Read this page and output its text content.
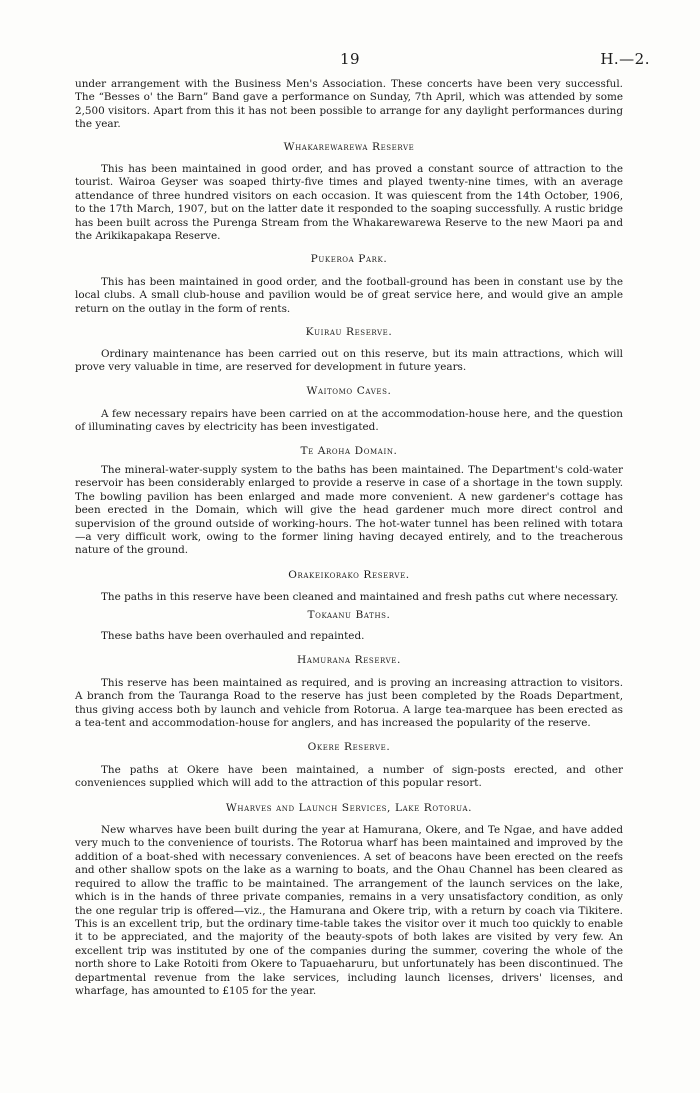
19	H.—2.

under arrangement with the Business Men's Association. These concerts have been very successful. The “Besses o' the Barn” Band gave a performance on Sunday, 7th April, which was attended by some 2,500 visitors. Apart from this it has not been possible to arrange for any daylight performances during the year.

Whakarewarewa Reserve

This has been maintained in good order, and has proved a constant source of attraction to the tourist. Wairoa Geyser was soaped thirty-five times and played twenty-nine times, with an average attendance of three hundred visitors on each occasion. It was quiescent from the 14th October, 1906, to the 17th March, 1907, but on the latter date it responded to the soaping successfully. A rustic bridge has been built across the Purenga Stream from the Whakarewarewa Reserve to the new Maori pa and the Arikikapakapa Reserve.

Pukeroa Park.

This has been maintained in good order, and the football-ground has been in constant use by the local clubs. A small club-house and pavilion would be of great service here, and would give an ample return on the outlay in the form of rents.

Kuirau Reserve.

Ordinary maintenance has been carried out on this reserve, but its main attractions, which will prove very valuable in time, are reserved for development in future years.

Waitomo Caves.

A few necessary repairs have been carried on at the accommodation-house here, and the question of illuminating caves by electricity has been investigated.

Te Aroha Domain.

The mineral-water-supply system to the baths has been maintained. The Department's cold-water reservoir has been considerably enlarged to provide a reserve in case of a shortage in the town supply. The bowling pavilion has been enlarged and made more convenient. A new gardener's cottage has been erected in the Domain, which will give the head gardener much more direct control and supervision of the ground outside of working-hours. The hot-water tunnel has been relined with totara—a very difficult work, owing to the former lining having decayed entirely, and to the treacherous nature of the ground.

Orakeikorako Reserve.

The paths in this reserve have been cleaned and maintained and fresh paths cut where necessary.

Tokaanu Baths.

These baths have been overhauled and repainted.

Hamurana Reserve.

This reserve has been maintained as required, and is proving an increasing attraction to visitors. A branch from the Tauranga Road to the reserve has just been completed by the Roads Department, thus giving access both by launch and vehicle from Rotorua. A large tea-marquee has been erected as a tea-tent and accommodation-house for anglers, and has increased the popularity of the reserve.

Okere Reserve.

The paths at Okere have been maintained, a number of sign-posts erected, and other conveniences supplied which will add to the attraction of this popular resort.

Wharves and Launch Services, Lake Rotorua.

New wharves have been built during the year at Hamurana, Okere, and Te Ngae, and have added very much to the convenience of tourists. The Rotorua wharf has been maintained and improved by the addition of a boat-shed with necessary conveniences. A set of beacons have been erected on the reefs and other shallow spots on the lake as a warning to boats, and the Ohau Channel has been cleared as required to allow the traffic to be maintained. The arrangement of the launch services on the lake, which is in the hands of three private companies, remains in a very unsatisfactory condition, as only the one regular trip is offered—viz., the Hamurana and Okere trip, with a return by coach via Tikitere. This is an excellent trip, but the ordinary time-table takes the visitor over it much too quickly to enable it to be appreciated, and the majority of the beauty-spots of both lakes are visited by very few. An excellent trip was instituted by one of the companies during the summer, covering the whole of the north shore to Lake Rotoiti from Okere to Tapuaeharuru, but unfortunately has been discontinued. The departmental revenue from the lake services, including launch licenses, drivers' licenses, and wharfage, has amounted to £105 for the year.
